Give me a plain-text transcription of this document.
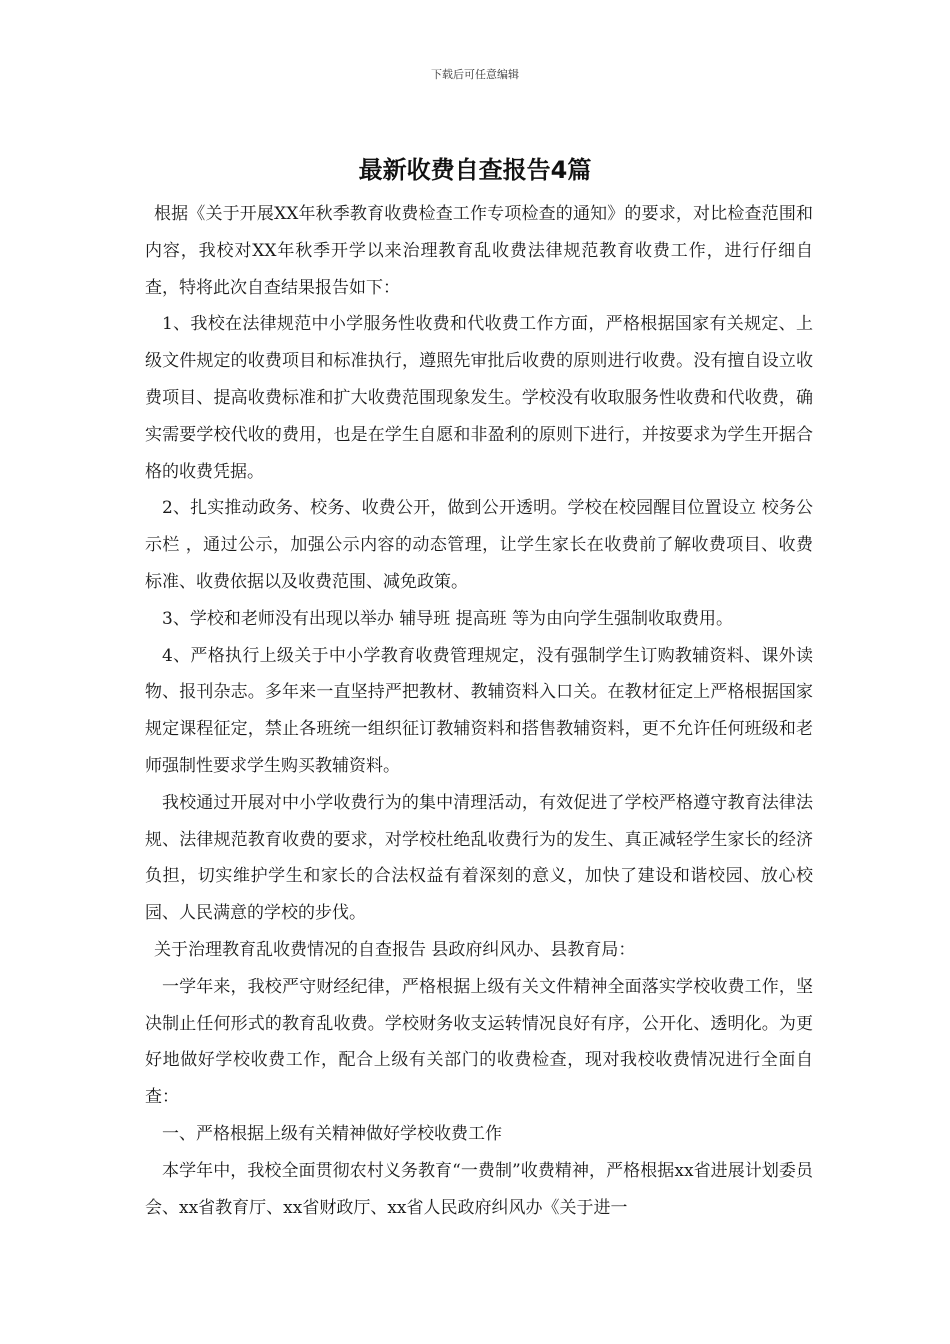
下载后可任意编辑
最新收费自查报告4篇

根据《关于开展XX年秋季教育收费检查工作专项检查的通知》的要求，对比检查范围和内容，我校对XX年秋季开学以来治理教育乱收费法律规范教育收费工作，进行仔细自查，特将此次自查结果报告如下：

1、我校在法律规范中小学服务性收费和代收费工作方面，严格根据国家有关规定、上级文件规定的收费项目和标准执行，遵照先审批后收费的原则进行收费。没有擅自设立收费项目、提高收费标准和扩大收费范围现象发生。学校没有收取服务性收费和代收费，确实需要学校代收的费用，也是在学生自愿和非盈利的原则下进行，并按要求为学生开据合格的收费凭据。

2、扎实推动政务、校务、收费公开，做到公开透明。学校在校园醒目位置设立 校务公示栏 ，通过公示，加强公示内容的动态管理，让学生家长在收费前了解收费项目、收费标准、收费依据以及收费范围、减免政策。

3、学校和老师没有出现以举办 辅导班 提高班 等为由向学生强制收取费用。

4、严格执行上级关于中小学教育收费管理规定，没有强制学生订购教辅资料、课外读物、报刊杂志。多年来一直坚持严把教材、教辅资料入口关。在教材征定上严格根据国家规定课程征定，禁止各班统一组织征订教辅资料和搭售教辅资料，更不允许任何班级和老师强制性要求学生购买教辅资料。

我校通过开展对中小学收费行为的集中清理活动，有效促进了学校严格遵守教育法律法规、法律规范教育收费的要求，对学校杜绝乱收费行为的发生、真正减轻学生家长的经济负担，切实维护学生和家长的合法权益有着深刻的意义，加快了建设和谐校园、放心校园、人民满意的学校的步伐。

关于治理教育乱收费情况的自查报告 县政府纠风办、县教育局：

一学年来，我校严守财经纪律，严格根据上级有关文件精神全面落实学校收费工作，坚决制止任何形式的教育乱收费。学校财务收支运转情况良好有序，公开化、透明化。为更好地做好学校收费工作，配合上级有关部门的收费检查，现对我校收费情况进行全面自查：

一、严格根据上级有关精神做好学校收费工作

本学年中，我校全面贯彻农村义务教育“一费制”收费精神，严格根据xx省进展计划委员会、xx省教育厅、xx省财政厅、xx省人民政府纠风办《关于进一
